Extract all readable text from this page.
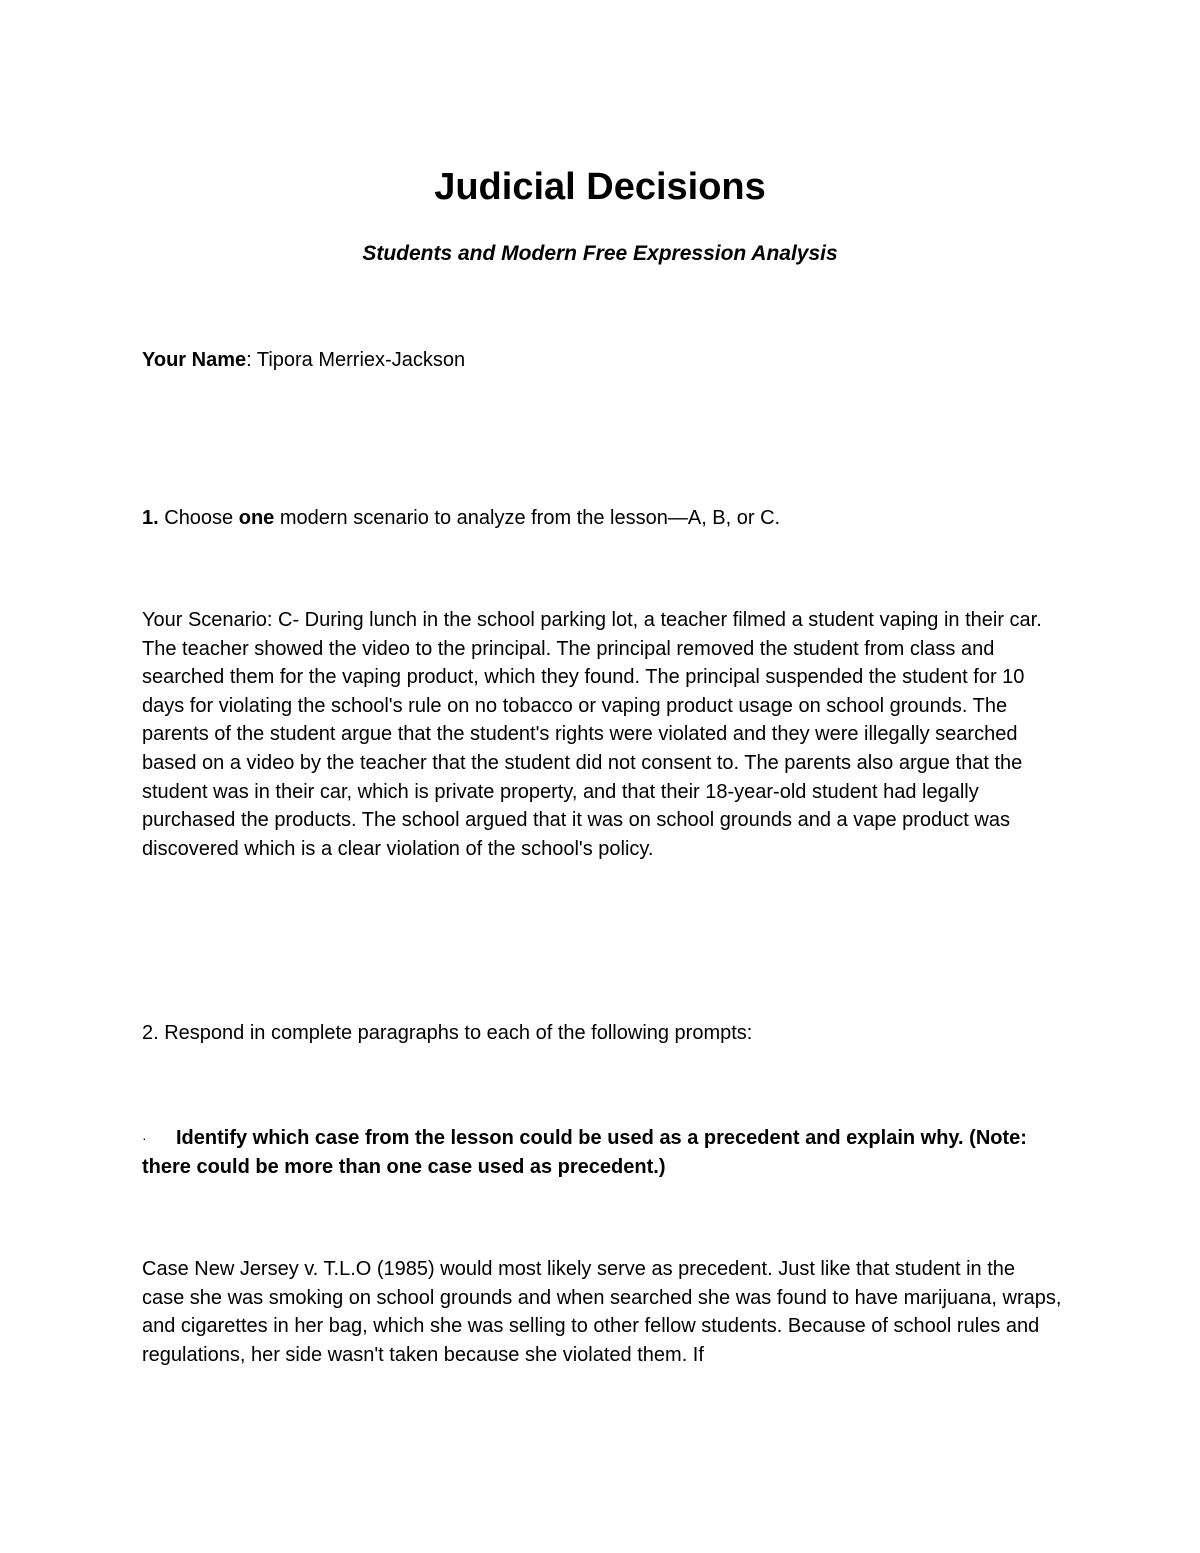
Judicial Decisions

Students and Modern Free Expression Analysis

Your Name: Tipora Merriex-Jackson

1. Choose one modern scenario to analyze from the lesson—A, B, or C.

Your Scenario: C- During lunch in the school parking lot, a teacher filmed a student vaping in their car. The teacher showed the video to the principal. The principal removed the student from class and searched them for the vaping product, which they found. The principal suspended the student for 10 days for violating the school's rule on no tobacco or vaping product usage on school grounds. The parents of the student argue that the student's rights were violated and they were illegally searched based on a video by the teacher that the student did not consent to. The parents also argue that the student was in their car, which is private property, and that their 18-year-old student had legally purchased the products. The school argued that it was on school grounds and a vape product was discovered which is a clear violation of the school's policy.

2. Respond in complete paragraphs to each of the following prompts:

· Identify which case from the lesson could be used as a precedent and explain why. (Note: there could be more than one case used as precedent.)

Case New Jersey v. T.L.O (1985) would most likely serve as precedent. Just like that student in the case she was smoking on school grounds and when searched she was found to have marijuana, wraps, and cigarettes in her bag, which she was selling to other fellow students. Because of school rules and regulations, her side wasn't taken because she violated them. If
